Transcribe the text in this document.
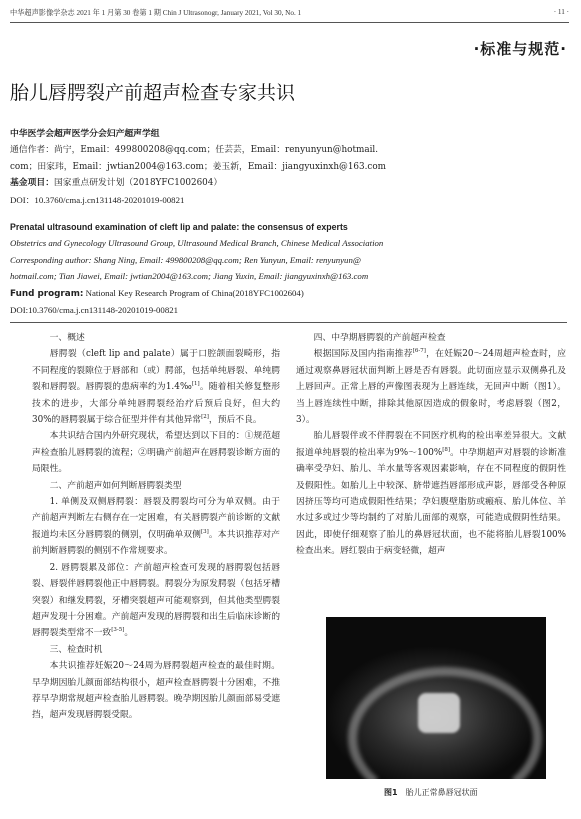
中华超声影像学杂志 2021 年 1 月第 30 卷第 1 期 Chin J Ultrasonogr, January 2021, Vol 30, No. 1	· 11 ·
·标准与规范·
胎儿唇腭裂产前超声检查专家共识

中华医学会超声医学分会妇产超声学组

通信作者：尚宁，Email：499800208@qq.com；任芸芸，Email：renyunyun@hotmail.

com；田家玮，Email：jwtian2004@163.com；姜玉新，Email：jiangyuxinxh@163.com

基金项目：国家重点研发计划（2018YFC1002604）

DOI：10.3760/cma.j.cn131148-20201019-00821

Prenatal ultrasound examination of cleft lip and palate: the consensus of experts

Obstetrics and Gynecology Ultrasound Group, Ultrasound Medical Branch, Chinese Medical Association

Corresponding author: Shang Ning, Email: 499800208@qq.com; Ren Yunyun, Email: renyunyun@

hotmail.com; Tian Jiawei, Email: jwtian2004@163.com; Jiang Yuxin, Email: jiangyuxinxh@163.com

Fund program: National Key Research Program of China(2018YFC1002604)

DOI:10.3760/cma.j.cn131148-20201019-00821

一、概述

唇腭裂（cleft lip and palate）属于口腔颌面裂畸形，指不同程度的裂隙位于唇部和（或）腭部，包括单纯唇裂、单纯腭裂和唇腭裂。唇腭裂的患病率约为1.4‰[1]。随着相关修复整形技术的进步，大部分单纯唇腭裂经治疗后预后良好，但大约30%的唇腭裂属于综合征型并伴有其他异常[2]，预后不良。

本共识结合国内外研究现状，希望达到以下目的：①规范超声检查胎儿唇腭裂的流程；②明确产前超声在唇腭裂诊断方面的局限性。

二、产前超声如何判断唇腭裂类型

1. 单侧及双侧唇腭裂：唇裂及腭裂均可分为单双侧。由于产前超声判断左右侧存在一定困难，有关唇腭裂产前诊断的文献报道均未区分唇腭裂的侧别，仅明确单双侧[3]。本共识推荐对产前判断唇腭裂的侧别不作常规要求。

2. 唇腭裂累及部位：产前超声检查可发现的唇腭裂包括唇裂、唇裂伴唇腭裂他正中唇腭裂。腭裂分为原发腭裂（包括牙槽突裂）和继发腭裂，牙槽突裂超声可能观察到，但其他类型腭裂超声发现十分困难。产前超声发现的唇腭裂和出生后临床诊断的唇腭裂类型常不一致[3-5]。

三、检查时机

本共识推荐妊娠20～24周为唇腭裂超声检查的最佳时期。早孕期因胎儿颜面部结构很小，超声检查唇腭裂十分困难，不推荐早孕期常规超声检查胎儿唇腭裂。晚孕期因胎儿颜面部易受遮挡，超声发现唇腭裂受限。

四、中孕期唇腭裂的产前超声检查

根据国际及国内指南推荐[6-7]，在妊娠20～24周超声检查时，应通过观察鼻唇冠状面判断上唇是否有唇裂。此切面应显示双侧鼻孔及上唇回声。正常上唇的声像图表现为上唇连续，无回声中断（图1）。当上唇连续性中断，排除其他原因造成的假象时，考虑唇裂（图2，3）。

胎儿唇裂伴或不伴腭裂在不同医疗机构的检出率差异很大。文献报道单纯唇裂的检出率为9%～100%[8]。中孕期超声对唇裂的诊断准确率受孕妇、胎儿、羊水量等客观因素影响，存在不同程度的假阴性及假阳性。如胎儿上中较深、脐带遮挡唇部形成声影，唇部受各种原因挤压等均可造成假阳性结果；孕妇腹壁脂肪或瘢痕、胎儿体位、羊水过多或过少等均制约了对胎儿面部的观察，可能造成假阴性结果。因此，即使仔细观察了胎儿的鼻唇冠状面，也不能将胎儿唇裂100%检查出来。唇红裂由于病变轻微，超声

图1 胎儿正常鼻唇冠状面
